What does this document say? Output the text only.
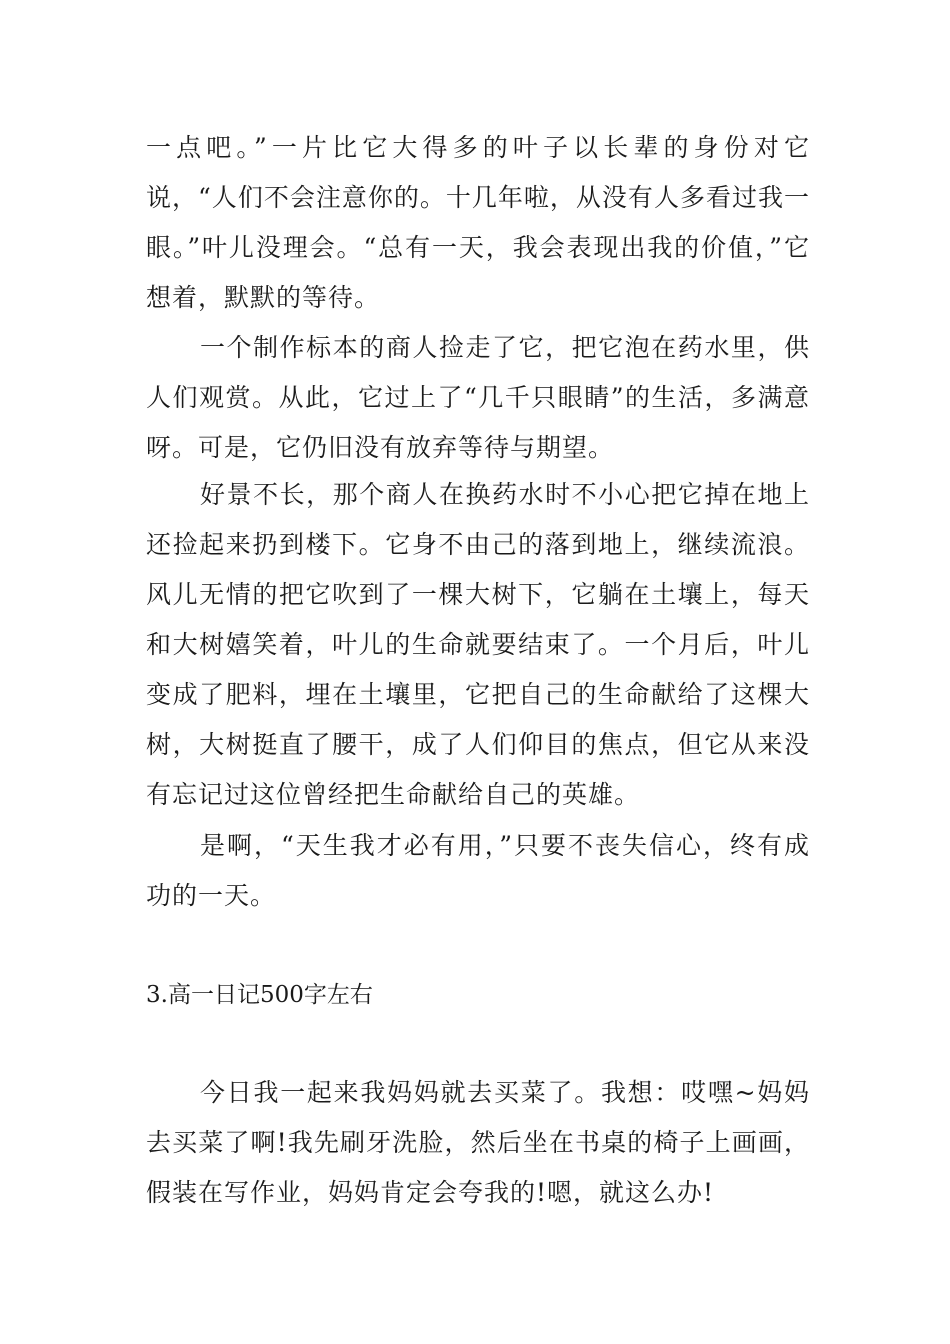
一点吧。”一片比它大得多的叶子以长辈的身份对它说，“人们不会注意你的。十几年啦，从没有人多看过我一眼。”叶儿没理会。“总有一天，我会表现出我的价值，”它想着，默默的等待。

一个制作标本的商人捡走了它，把它泡在药水里，供人们观赏。从此，它过上了“几千只眼睛”的生活，多满意呀。可是，它仍旧没有放弃等待与期望。

好景不长，那个商人在换药水时不小心把它掉在地上还捡起来扔到楼下。它身不由己的落到地上，继续流浪。风儿无情的把它吹到了一棵大树下，它躺在土壤上，每天和大树嬉笑着，叶儿的生命就要结束了。一个月后，叶儿变成了肥料，埋在土壤里，它把自己的生命献给了这棵大树，大树挺直了腰干，成了人们仰目的焦点，但它从来没有忘记过这位曾经把生命献给自己的英雄。

是啊，“天生我才必有用，”只要不丧失信心，终有成功的一天。

3.高一日记500字左右

今日我一起来我妈妈就去买菜了。我想：哎嘿~妈妈去买菜了啊!我先刷牙洗脸，然后坐在书桌的椅子上画画，假装在写作业，妈妈肯定会夸我的!嗯，就这么办!
